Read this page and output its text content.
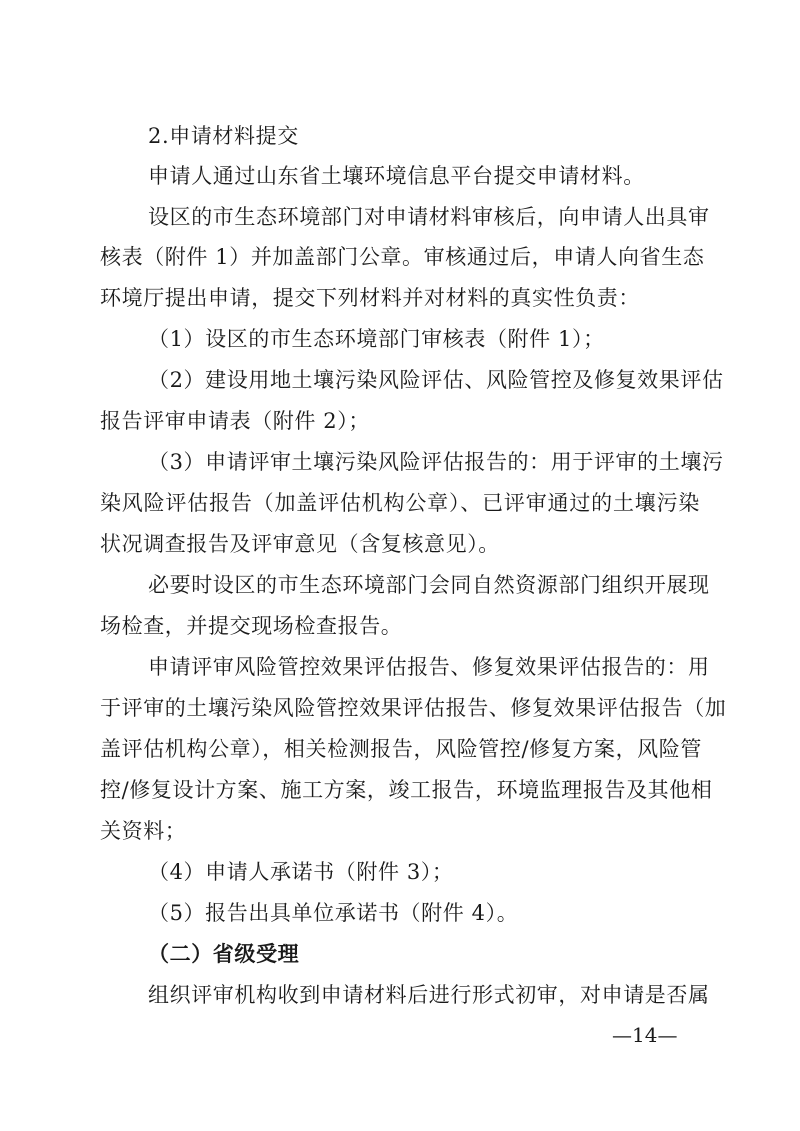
2.申请材料提交
申请人通过山东省土壤环境信息平台提交申请材料。
设区的市生态环境部门对申请材料审核后，向申请人出具审
核表（附件 1）并加盖部门公章。审核通过后，申请人向省生态
环境厅提出申请，提交下列材料并对材料的真实性负责：
（1）设区的市生态环境部门审核表（附件 1）；
（2）建设用地土壤污染风险评估、风险管控及修复效果评估
报告评审申请表（附件 2）；
（3）申请评审土壤污染风险评估报告的：用于评审的土壤污
染风险评估报告（加盖评估机构公章）、已评审通过的土壤污染
状况调查报告及评审意见（含复核意见）。
必要时设区的市生态环境部门会同自然资源部门组织开展现
场检查，并提交现场检查报告。
申请评审风险管控效果评估报告、修复效果评估报告的：用
于评审的土壤污染风险管控效果评估报告、修复效果评估报告（加
盖评估机构公章），相关检测报告，风险管控/修复方案，风险管
控/修复设计方案、施工方案，竣工报告，环境监理报告及其他相
关资料；
（4）申请人承诺书（附件 3）；
（5）报告出具单位承诺书（附件 4）。
（二）省级受理
组织评审机构收到申请材料后进行形式初审，对申请是否属
—14—
